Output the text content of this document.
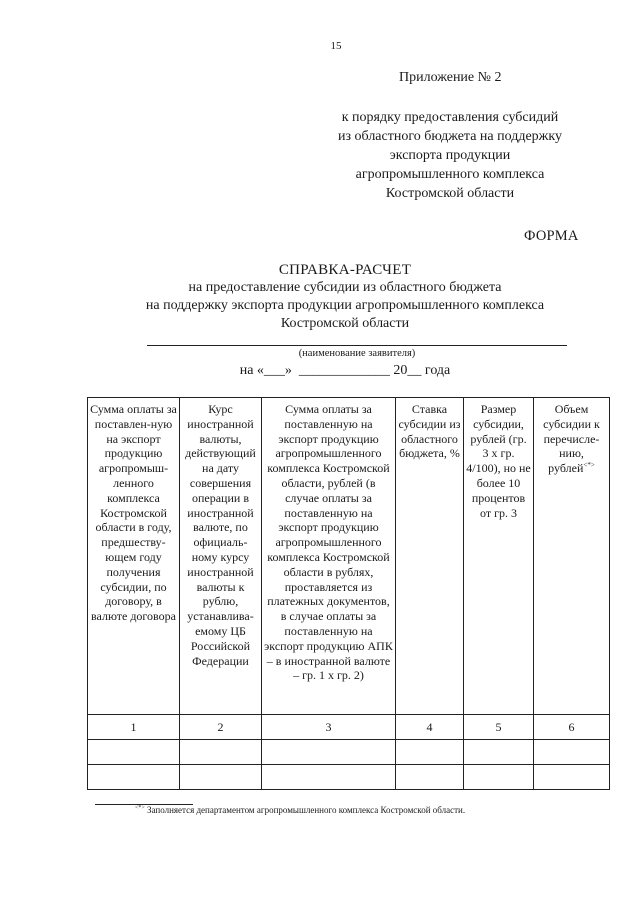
15
Приложение № 2
к порядку предоставления субсидий
из областного бюджета на поддержку
экспорта продукции
агропромышленного комплекса
Костромской области
ФОРМА
СПРАВКА-РАСЧЕТ
на предоставление субсидии из областного бюджета
на поддержку экспорта продукции агропромышленного комплекса
Костромской области
(наименование заявителя)
на «___»  _____________ 20__ года
Сумма оплаты за поставлен-ную на экспорт продукцию агропромыш-ленного комплекса Костромской области в году, предшеству-ющем году получения субсидии, по договору, в валюте договора	Курс иностранной валюты, действующий на дату совершения операции в иностранной валюте, по официаль-ному курсу иностранной валюты к рублю, устанавлива-емому ЦБ Российской Федерации	Сумма оплаты за поставленную на экспорт продукцию агропромышленного комплекса Костромской области, рублей (в случае оплаты за поставленную на экспорт продукцию агропромышленного комплекса Костромской области в рублях, проставляется из платежных документов, в случае оплаты за поставленную на экспорт продукцию АПК – в иностранной валюте – гр. 1 х гр. 2)	Ставка субсидии из областного бюджета, %	Размер субсидии, рублей (гр. 3 х гр. 4/100), но не более 10 процентов от гр. 3	Объем субсидии к перечисле-нию, рублей<*>
1	2	3	4	5	6

<*> Заполняется департаментом агропромышленного комплекса Костромской области.
